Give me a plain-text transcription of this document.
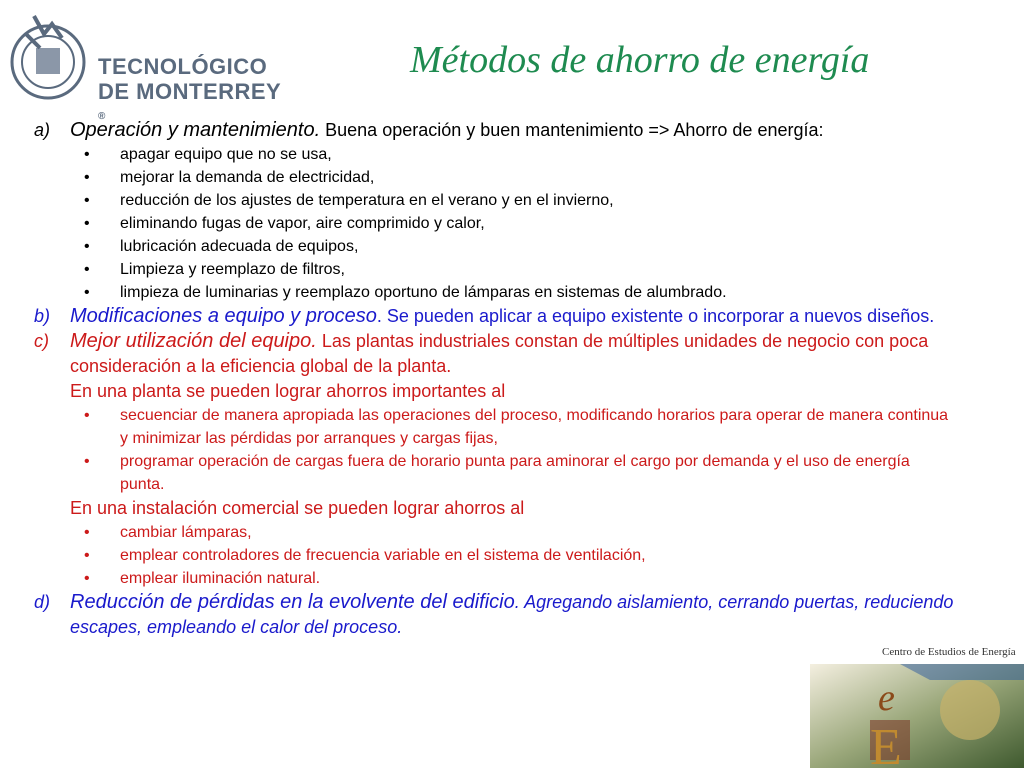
TECNOLÓGICO
DE MONTERREY ®
Métodos de ahorro de energía
a) Operación y mantenimiento. Buena operación y buen mantenimiento => Ahorro de energía:
• apagar equipo que no se usa,
• mejorar la demanda de electricidad,
• reducción de los ajustes de temperatura en el verano y en el invierno,
• eliminando fugas de vapor, aire comprimido y calor,
• lubricación adecuada de equipos,
• Limpieza y reemplazo de filtros,
• limpieza de luminarias y reemplazo oportuno de lámparas en sistemas de alumbrado.
b) Modificaciones a equipo y proceso. Se pueden aplicar a equipo existente o incorporar a nuevos diseños.
c) Mejor utilización del equipo. Las plantas industriales constan de múltiples unidades de negocio con poca consideración a la eficiencia global de la planta.
En una planta se pueden lograr ahorros importantes al
• secuenciar de manera apropiada las operaciones del proceso, modificando horarios para operar de manera continua y minimizar las pérdidas por arranques y cargas fijas,
• programar operación de cargas fuera de horario punta para aminorar el cargo por demanda y el uso de energía punta.
En una instalación comercial se pueden lograr ahorros al
• cambiar lámparas,
• emplear controladores de frecuencia variable en el sistema de ventilación,
• emplear iluminación natural.
d) Reducción de pérdidas en la evolvente del edificio. Agregando aislamiento, cerrando puertas, reduciendo escapes, empleando el calor del proceso.
e
E
Centro de Estudios de Energía
